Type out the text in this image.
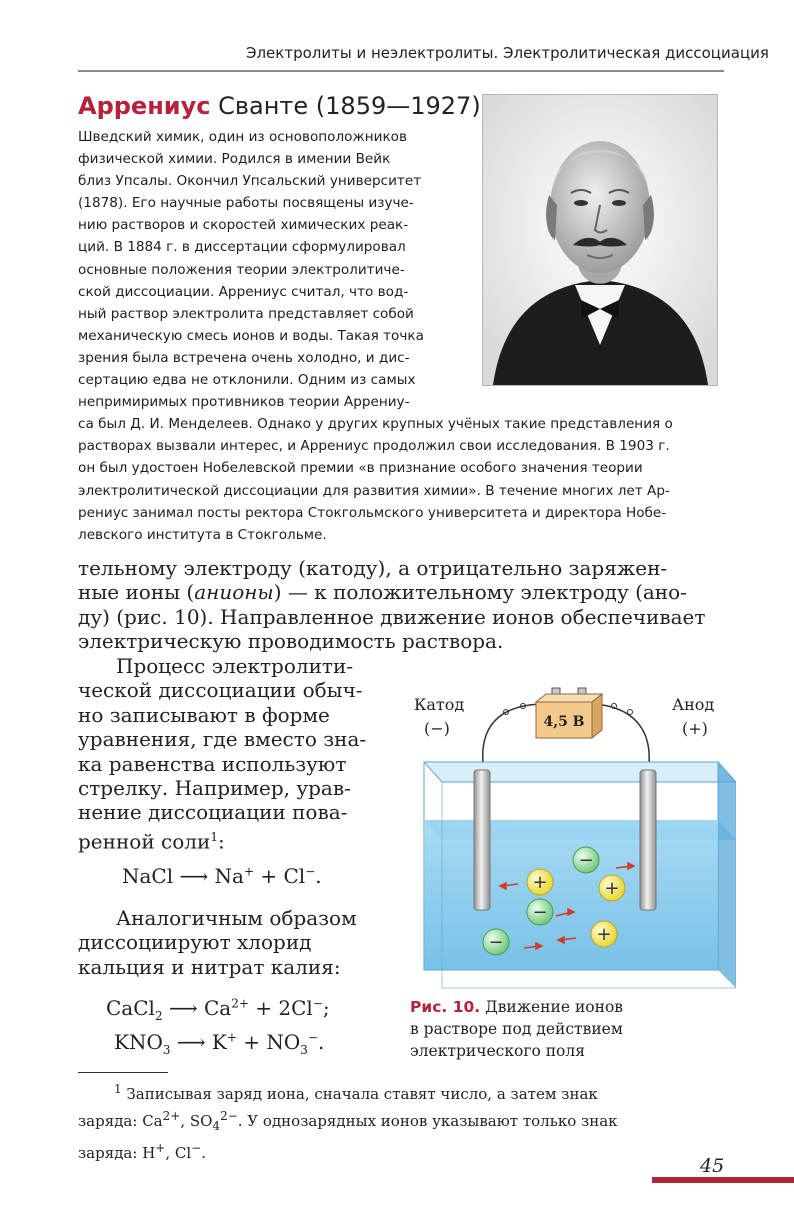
Электролиты и неэлектролиты. Электролитическая диссоциация
Аррениус Сванте (1859—1927)
Шведский химик, один из основоположников
физической химии. Родился в имении Вейк
близ Упсалы. Окончил Упсальский университет
(1878). Его научные работы посвящены изуче-
нию растворов и скоростей химических реак-
ций. В 1884 г. в диссертации сформулировал
основные положения теории электролитиче-
ской диссоциации. Аррениус считал, что вод-
ный раствор электролита представляет собой
механическую смесь ионов и воды. Такая точка
зрения была встречена очень холодно, и дис-
сертацию едва не отклонили. Одним из самых
непримиримых противников теории Аррениу-
са был Д. И. Менделеев. Однако у других крупных учёных такие представления о
растворах вызвали интерес, и Аррениус продолжил свои исследования. В 1903 г.
он был удостоен Нобелевской премии «в признание особого значения теории
электролитической диссоциации для развития химии». В течение многих лет Ар-
рениус занимал посты ректора Стокгольмского университета и директора Нобе-
левского института в Стокгольме.
тельному электроду (катоду), а отрицательно заряжен-
ные ионы (анионы) — к положительному электроду (ано-
ду) (рис. 10). Направленное движение ионов обеспечивает
электрическую проводимость раствора.
Процесс электролити-
ческой диссоциации обыч-
но записывают в форме
уравнения, где вместо зна-
ка равенства используют
стрелку. Например, урав-
нение диссоциации пова-
ренной соли$^1$:
NaCl ⟶ Na+ + Cl−.
Аналогичным образом
диссоциируют хлорид
кальция и нитрат калия:
CaCl$_2$ ⟶ $Ca^{2+} + 2Cl^-$;
$KNO_3$ ⟶ $K^+ + NO_3^-$.
Катод
(−)
Анод
(+)
4,5 В
+
−
+
−
+
−
Рис. 10. Движение ионов
в растворе под действием
электрического поля
$^1$ Записывая заряд иона, сначала ставят число, а затем знак
заряда: $Ca^{2+}$, $SO_4^{2-}$. У однозарядных ионов указывают только знак
заряда: H+, Cl−.
45
